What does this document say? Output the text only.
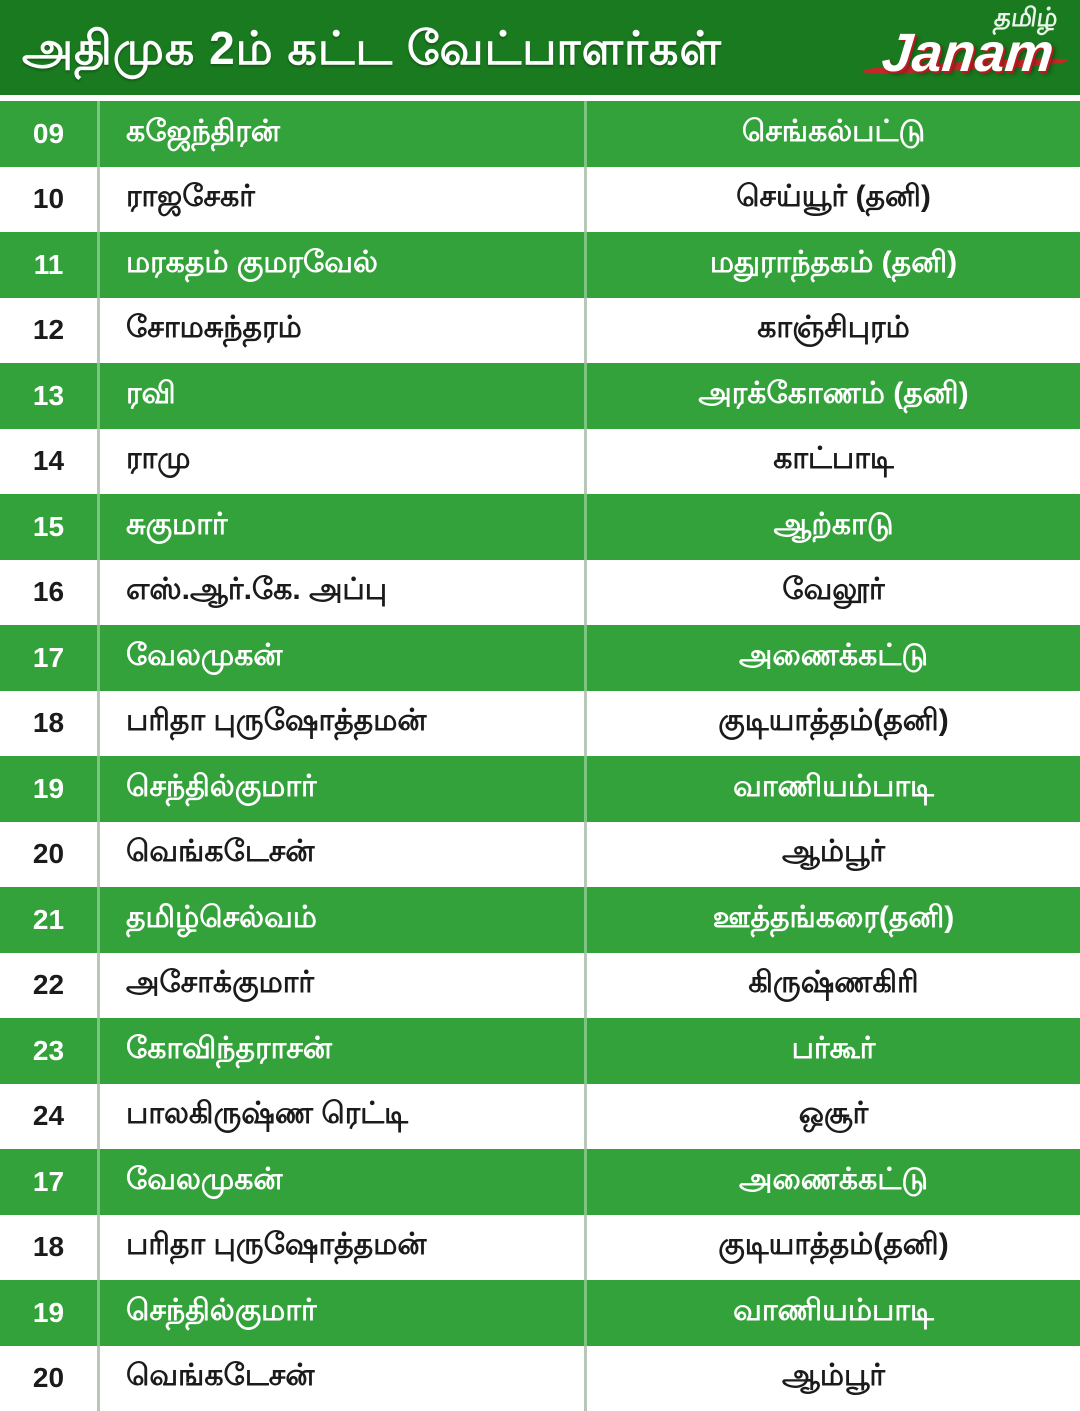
அதிமுக 2ம் கட்ட வேட்பாளர்கள்
தமிழ்
Janam
09	கஜேந்திரன்	செங்கல்பட்டு
10	ராஜசேகர்	செய்யூர் (தனி)
11	மரகதம் குமரவேல்	மதுராந்தகம் (தனி)
12	சோமசுந்தரம்	காஞ்சிபுரம்
13	ரவி	அரக்கோணம் (தனி)
14	ராமு	காட்பாடி
15	சுகுமார்	ஆற்காடு
16	எஸ்.ஆர்.கே. அப்பு	வேலூர்
17	வேலமுகன்	அணைக்கட்டு
18	பரிதா புருஷோத்தமன்	குடியாத்தம்(தனி)
19	செந்தில்குமார்	வாணியம்பாடி
20	வெங்கடேசன்	ஆம்பூர்
21	தமிழ்செல்வம்	ஊத்தங்கரை(தனி)
22	அசோக்குமார்	கிருஷ்ணகிரி
23	கோவிந்தராசன்	பர்கூர்
24	பாலகிருஷ்ண ரெட்டி	ஒசூர்
17	வேலமுகன்	அணைக்கட்டு
18	பரிதா புருஷோத்தமன்	குடியாத்தம்(தனி)
19	செந்தில்குமார்	வாணியம்பாடி
20	வெங்கடேசன்	ஆம்பூர்
